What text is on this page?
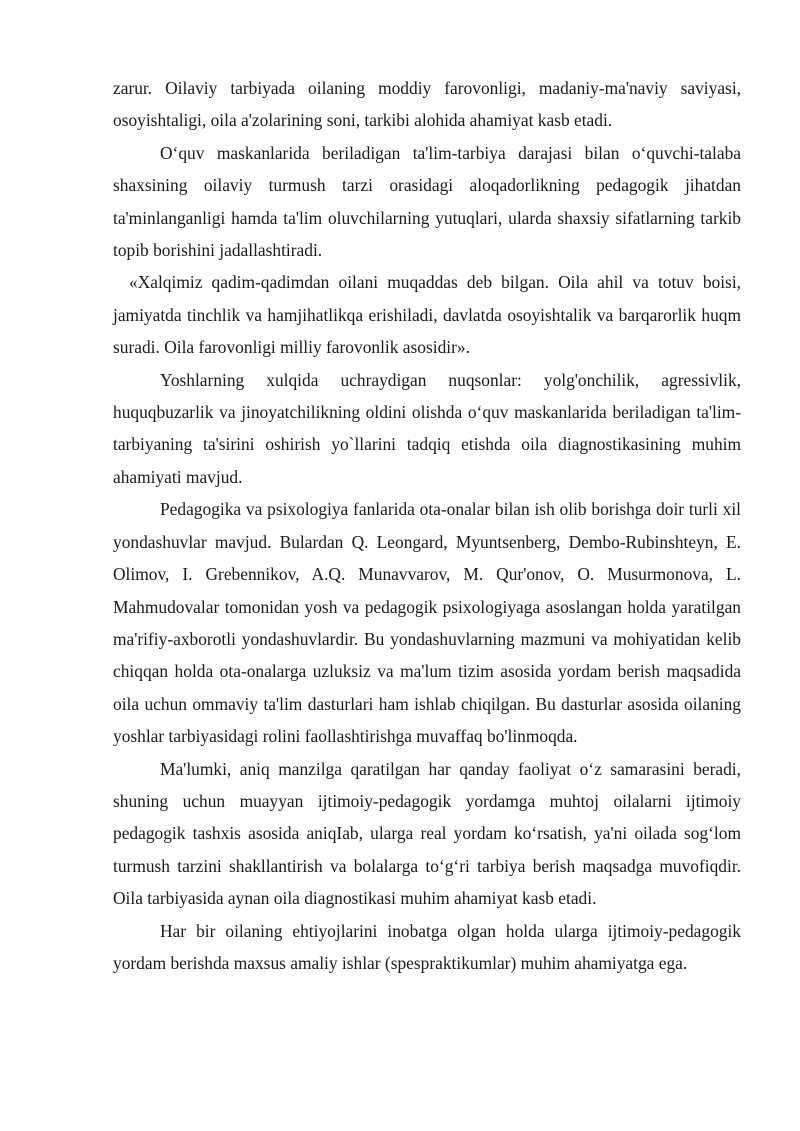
zarur. Oilaviy tarbiyada oilaning moddiy farovonligi, madaniy-ma'naviy saviyasi, osoyishtaligi, oila a'zolarining soni, tarkibi alohida ahamiyat kasb etadi.

O‘quv maskanlarida beriladigan ta'lim-tarbiya darajasi bilan o‘quvchi-talaba shaxsining oilaviy turmush tarzi orasidagi aloqadorlikning pedagogik jihatdan ta'minlanganligi hamda ta'lim oluvchilarning yutuqlari, ularda shaxsiy sifatlarning tarkib topib borishini jadallashtiradi.

«Xalqimiz qadim-qadimdan oilani muqaddas deb bilgan. Oila ahil va totuv boisi, jamiyatda tinchlik va hamjihatlikqa erishiladi, davlatda osoyishtalik va barqarorlik huqm suradi. Oila farovonligi milliy farovonlik asosidir».

Yoshlarning xulqida uchraydigan nuqsonlar: yolg'onchilik, agressivlik, huquqbuzarlik va jinoyatchilikning oldini olishda o‘quv maskanlarida beriladigan ta'lim-tarbiyaning ta'sirini oshirish yo`llarini tadqiq etishda oila diagnostikasining muhim ahamiyati mavjud.

Pedagogika va psixologiya fanlarida ota-onalar bilan ish olib borishga doir turli xil yondashuvlar mavjud. Bulardan Q. Leongard, Myuntsenberg, Dembo-Rubinshteyn, E. Olimov, I. Grebennikov, A.Q. Munavvarov, M. Qur'onov, O. Musurmonova, L. Mahmudovalar tomonidan yosh va pedagogik psixologiyaga asoslangan holda yaratilgan ma'rifiy-axborotli yondashuvlardir. Bu yondashuvlarning mazmuni va mohiyatidan kelib chiqqan holda ota-onalarga uzluksiz va ma'lum tizim asosida yordam berish maqsadida oila uchun ommaviy ta'lim dasturlari ham ishlab chiqilgan. Bu dasturlar asosida oilaning yoshlar tarbiyasidagi rolini faollashtirishga muvaffaq bo'linmoqda.

Ma'lumki, aniq manzilga qaratilgan har qanday faoliyat o‘z samarasini beradi, shuning uchun muayyan ijtimoiy-pedagogik yordamga muhtoj oilalarni ijtimoiy pedagogik tashxis asosida aniqIab, ularga real yordam ko‘rsatish, ya'ni oilada sog‘lom turmush tarzini shakllantirish va bolalarga to‘g‘ri tarbiya berish maqsadga muvofiqdir. Oila tarbiyasida aynan oila diagnostikasi muhim ahamiyat kasb etadi.

Har bir oilaning ehtiyojlarini inobatga olgan holda ularga ijtimoiy-pedagogik yordam berishda maxsus amaliy ishlar (spespraktikumlar) muhim ahamiyatga ega.
